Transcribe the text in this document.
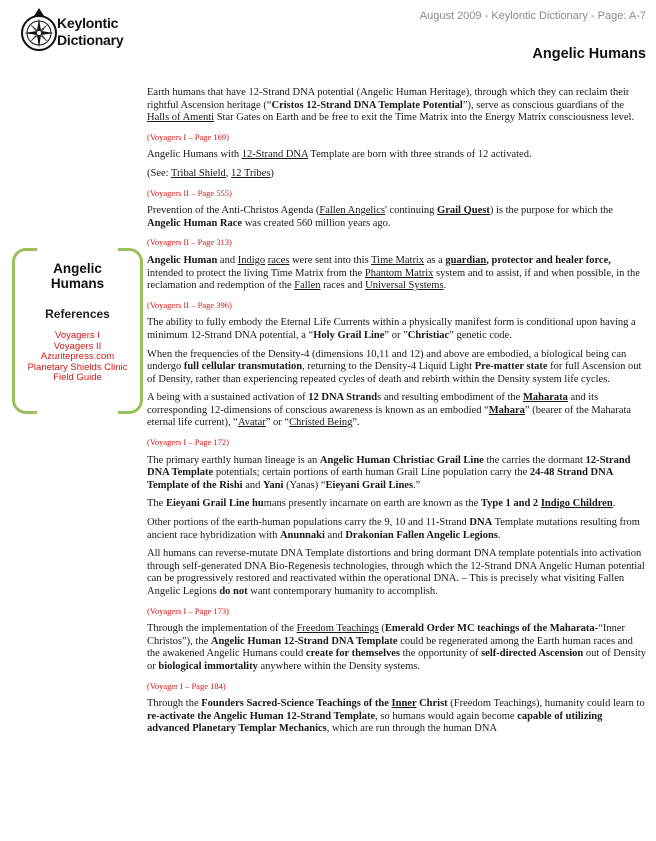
Keylontic
Dictionary
August 2009 - Keylontic Dictionary - Page: A-7
Angelic Humans
Angelic
Humans
References
Voyagers I
Voyagers II
Azuritepress.com
Planetary Shields Clinic
Field Guide

Earth humans that have 12-Strand DNA potential (Angelic Human Heritage), through which they can reclaim their rightful Ascension heritage (“Cristos 12-Strand DNA Template Potential”), serve as conscious guardians of the Halls of Amenti Star Gates on Earth and be free to exit the Time Matrix into the Energy Matrix consciousness level.

(Voyagers I – Page 169)

Angelic Humans with 12-Strand DNA Template are born with three strands of 12 activated.

(See: Tribal Shield, 12 Tribes)

(Voyagers II – Page 555)

Prevention of the Anti-Christos Agenda (Fallen Angelics' continuing Grail Quest) is the purpose for which the Angelic Human Race was created 560 million years ago.

(Voyagers II – Page 313)

Angelic Human and Indigo races were sent into this Time Matrix as a guardian, protector and healer force, intended to protect the living Time Matrix from the Phantom Matrix system and to assist, if and when possible, in the reclamation and redemption of the Fallen races and Universal Systems.

(Voyagers II – Page 396)

The ability to fully embody the Eternal Life Currents within a physically manifest form is conditional upon having a minimum 12-Strand DNA potential, a “Holy Grail Line” or ”Christiac” genetic code.

When the frequencies of the Density-4 (dimensions 10,11 and 12) and above are embodied, a biological being can undergo full cellular transmutation, returning to the Density-4 Liquid Light Pre-matter state for full Ascension out of Density, rather than experiencing repeated cycles of death and rebirth within the Density system life cycles.

A being with a sustained activation of 12 DNA Strands and resulting embodiment of the Maharata and its corresponding 12-dimensions of conscious awareness is known as an embodied “Mahara” (bearer of the Maharata eternal life current), “Avatar” or “Christed Being”.

(Voyagers I – Page 172)

The primary earthly human lineage is an Angelic Human Christiac Grail Line the carries the dormant 12-Strand DNA Template potentials; certain portions of earth human Grail Line population carry the 24-48 Strand DNA Template of the Rishi and Yani (Yanas) “Eieyani Grail Lines.”

The Eieyani Grail Line humans presently incarnate on earth are known as the Type 1 and 2 Indigo Children.

Other portions of the earth-human populations carry the 9, 10 and 11-Strand DNA Template mutations resulting from ancient race hybridization with Anunnaki and Drakonian Fallen Angelic Legions.

All humans can reverse-mutate DNA Template distortions and bring dormant DNA template potentials into activation through self-generated DNA Bio-Regenesis technologies, through which the 12-Strand DNA Angelic Human potential can be progressively restored and reactivated within the operational DNA. – This is precisely what visiting Fallen Angelic Legions do not want contemporary humanity to accomplish.

(Voyagers I – Page 173)

Through the implementation of the Freedom Teachings (Emerald Order MC teachings of the Maharata-“Inner Christos”), the Angelic Human 12-Strand DNA Template could be regenerated among the Earth human races and the awakened Angelic Humans could create for themselves the opportunity of self-directed Ascension out of Density or biological immortality anywhere within the Density systems.

(Voyager I – Page 184)

Through the Founders Sacred-Science Teachings of the Inner Christ (Freedom Teachings), humanity could learn to re-activate the Angelic Human 12-Strand Template, so humans would again become capable of utilizing advanced Planetary Templar Mechanics, which are run through the human DNA
